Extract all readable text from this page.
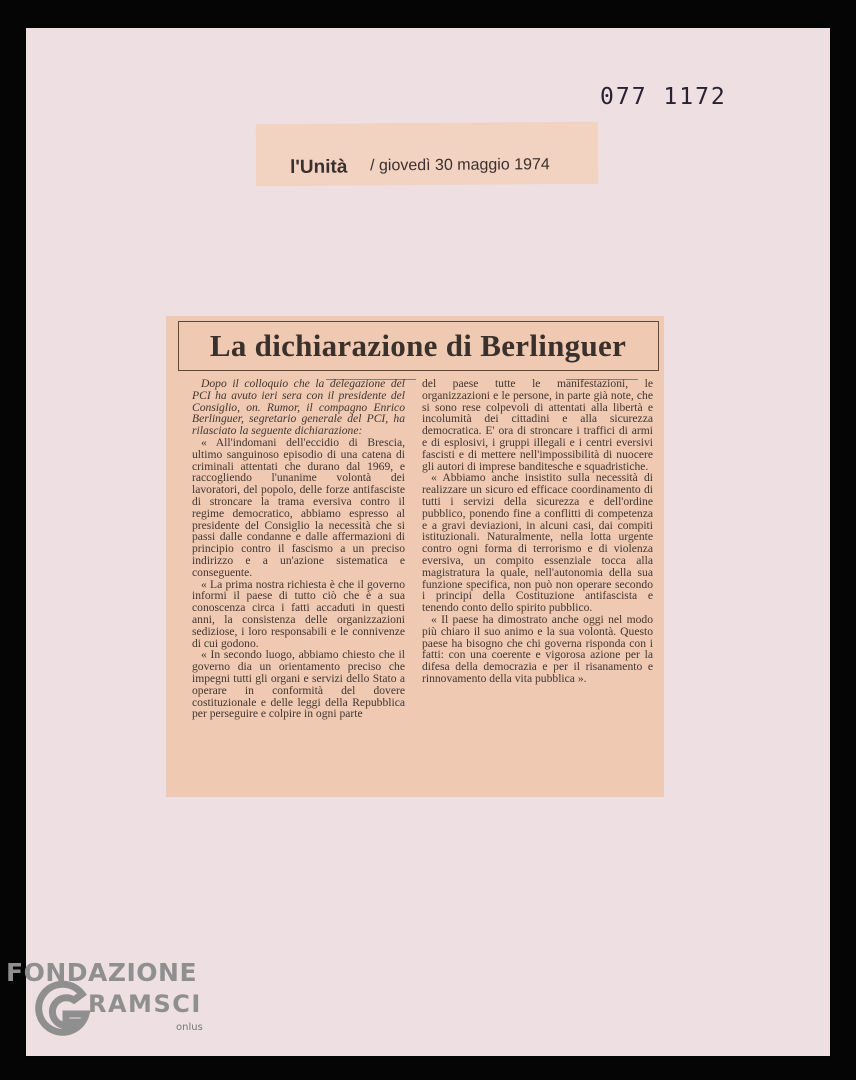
077 1172
l'Unità / giovedì 30 maggio 1974
La dichiarazione di Berlinguer

Dopo il colloquio che la delegazione del PCI ha avuto ieri sera con il presidente del Consiglio, on. Rumor, il compagno Enrico Berlinguer, segretario generale del PCI, ha rilasciato la seguente dichiarazione:

« All'indomani dell'eccidio di Brescia, ultimo sanguinoso episodio di una catena di criminali attentati che durano dal 1969, e raccogliendo l'unanime volontà dei lavoratori, del popolo, delle forze antifasciste di stroncare la trama eversiva contro il regime democratico, abbiamo espresso al presidente del Consiglio la necessità che si passi dalle condanne e dalle affermazioni di principio contro il fascismo a un preciso indirizzo e a un'azione sistematica e conseguente.

« La prima nostra richiesta è che il governo informi il paese di tutto ciò che è a sua conoscenza circa i fatti accaduti in questi anni, la consistenza delle organizzazioni sediziose, i loro responsabili e le connivenze di cui godono.

« In secondo luogo, abbiamo chiesto che il governo dia un orientamento preciso che impegni tutti gli organi e servizi dello Stato a operare in conformità del dovere costituzionale e delle leggi della Repubblica per perseguire e colpire in ogni parte

del paese tutte le manifestazioni, le organizzazioni e le persone, in parte già note, che si sono rese colpevoli di attentati alla libertà e incolumità dei cittadini e alla sicurezza democratica. E' ora di stroncare i traffici di armi e di esplosivi, i gruppi illegali e i centri eversivi fascisti e di mettere nell'impossibilità di nuocere gli autori di imprese banditesche e squadristiche.

« Abbiamo anche insistito sulla necessità di realizzare un sicuro ed efficace coordinamento di tutti i servizi della sicurezza e dell'ordine pubblico, ponendo fine a conflitti di competenza e a gravi deviazioni, in alcuni casi, dai compiti istituzionali. Naturalmente, nella lotta urgente contro ogni forma di terrorismo e di violenza eversiva, un compito essenziale tocca alla magistratura la quale, nell'autonomia della sua funzione specifica, non può non operare secondo i principi della Costituzione antifascista e tenendo conto dello spirito pubblico.

« Il paese ha dimostrato anche oggi nel modo più chiaro il suo animo e la sua volontà. Questo paese ha bisogno che chi governa risponda con i fatti: con una coerente e vigorosa azione per la difesa della democrazia e per il risanamento e rinnovamento della vita pubblica ».

FONDAZIONE
RAMSCI
onlus
